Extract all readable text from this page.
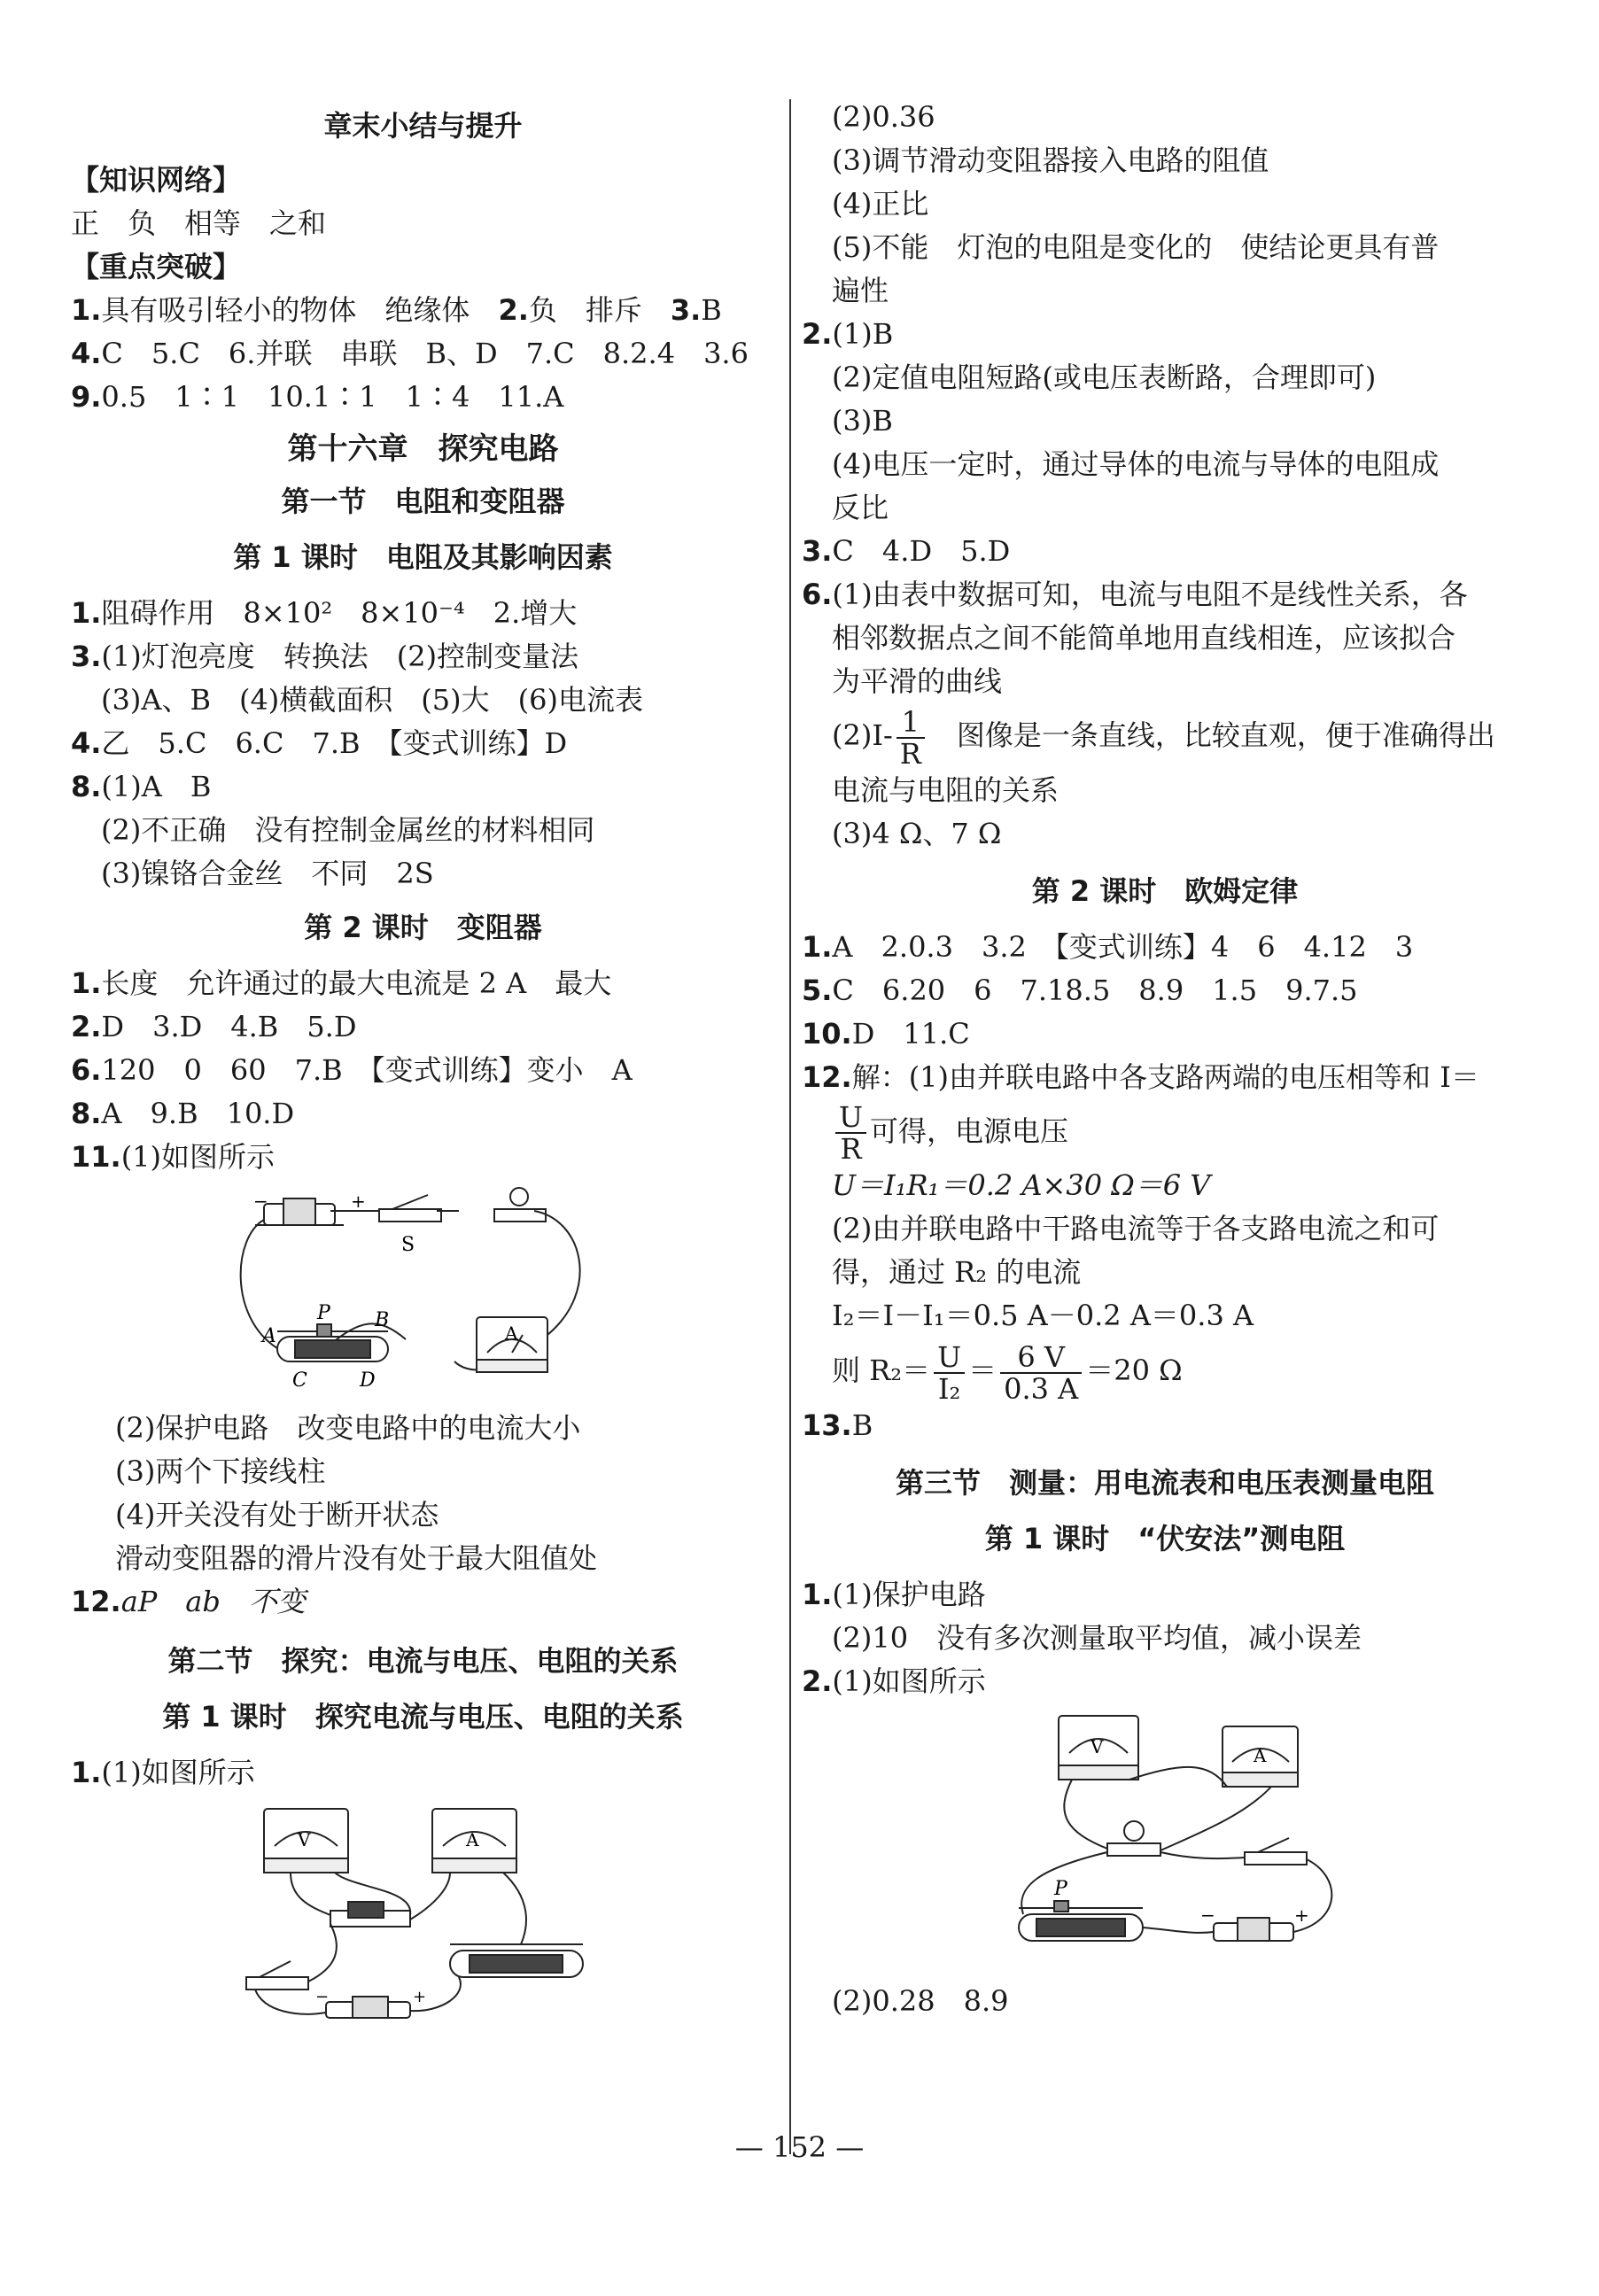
章末小结与提升
【知识网络】
正　负　相等　之和
【重点突破】
1.具有吸引轻小的物体　绝缘体　2.负　排斥　3.B
4.C　5.C　6.并联　串联　B、D　7.C　8.2.4　3.6
9.0.5　1∶1　10.1∶1　1∶4　11.A
第十六章　探究电路
第一节　电阻和变阻器
第 1 课时　电阻及其影响因素
1.阻碍作用　8×10²　8×10⁻⁴　2.增大
3.(1)灯泡亮度　转换法　(2)控制变量法
(3)A、B　(4)横截面积　(5)大　(6)电流表
4.乙　5.C　6.C　7.B　【变式训练】D
8.(1)A　B
(2)不正确　没有控制金属丝的材料相同
(3)镍铬合金丝　不同　2S
第 2 课时　变阻器
1.长度　允许通过的最大电流是 2 A　最大
2.D　3.D　4.B　5.D
6.120　0　60　7.B　【变式训练】变小　A
8.A　9.B　10.D
11.(1)如图所示
+
−
S
A
P B
C	D
A
(2)保护电路　改变电路中的电流大小
(3)两个下接线柱
(4)开关没有处于断开状态
滑动变阻器的滑片没有处于最大阻值处
12.aP　ab　不变
第二节　探究：电流与电压、电阻的关系
第 1 课时　探究电流与电压、电阻的关系
1.(1)如图所示
V	A
+
−
(2)0.36
(3)调节滑动变阻器接入电路的阻值
(4)正比
(5)不能　灯泡的电阻是变化的　使结论更具有普
遍性
2.(1)B
(2)定值电阻短路(或电压表断路，合理即可)
(3)B
(4)电压一定时，通过导体的电流与导体的电阻成
反比
3.C　4.D　5.D
6.(1)由表中数据可知，电流与电阻不是线性关系，各
相邻数据点之间不能简单地用直线相连，应该拟合
为平滑的曲线
$(2)I- \frac{1}{R}$ 　图像是一条直线，比较直观，便于准确得出
电流与电阻的关系
(3)4 Ω、7 Ω
第 2 课时　欧姆定律
1.A　2.0.3　3.2　【变式训练】4　6　4.12　3
5.C　6.20　6　7.18.5　8.9　1.5　9.7.5
10.D　11.C
12.解：(1)由并联电路中各支路两端的电压相等和 I＝
$\frac{U}{R}$ 可得，电源电压
U＝I₁R₁＝0.2 A×30 Ω＝6 V
(2)由并联电路中干路电流等于各支路电流之和可
得，通过 R₂ 的电流
I₂＝I－I₁＝0.5 A－0.2 A＝0.3 A
则 $R_2= \frac{U}{\text{I₂}} = \frac{6 V}{0.3 A} =20$ Ω
13.B
第三节　测量：用电流表和电压表测量电阻
第 1 课时　“伏安法”测电阻
1.(1)保护电路
(2)10　没有多次测量取平均值，减小误差
2.(1)如图所示
V	A
P
+
−
(2)0.28　8.9
— 152 —
